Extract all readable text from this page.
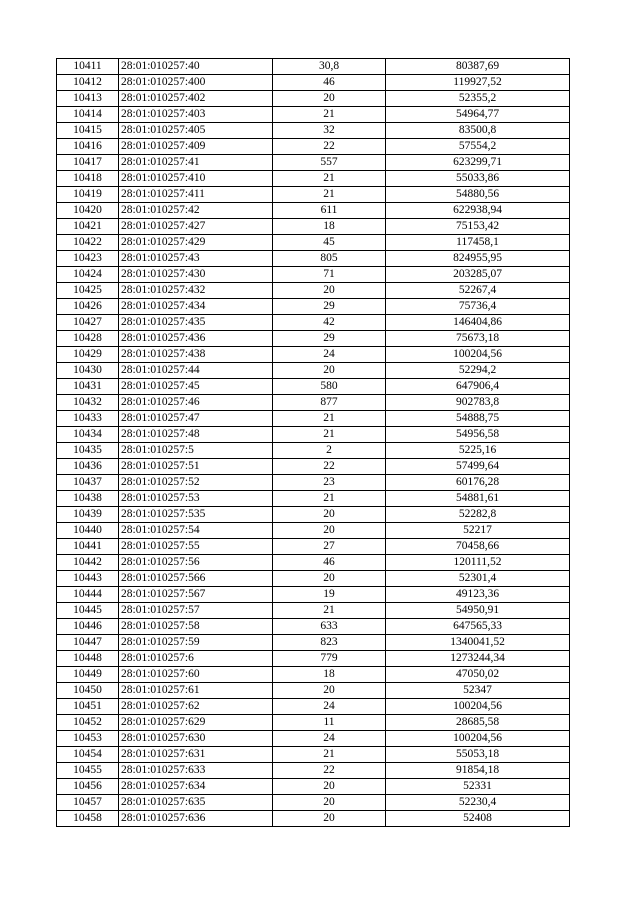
10411	28:01:010257:40	30,8	80387,69
10412	28:01:010257:400	46	119927,52
10413	28:01:010257:402	20	52355,2
10414	28:01:010257:403	21	54964,77
10415	28:01:010257:405	32	83500,8
10416	28:01:010257:409	22	57554,2
10417	28:01:010257:41	557	623299,71
10418	28:01:010257:410	21	55033,86
10419	28:01:010257:411	21	54880,56
10420	28:01:010257:42	611	622938,94
10421	28:01:010257:427	18	75153,42
10422	28:01:010257:429	45	117458,1
10423	28:01:010257:43	805	824955,95
10424	28:01:010257:430	71	203285,07
10425	28:01:010257:432	20	52267,4
10426	28:01:010257:434	29	75736,4
10427	28:01:010257:435	42	146404,86
10428	28:01:010257:436	29	75673,18
10429	28:01:010257:438	24	100204,56
10430	28:01:010257:44	20	52294,2
10431	28:01:010257:45	580	647906,4
10432	28:01:010257:46	877	902783,8
10433	28:01:010257:47	21	54888,75
10434	28:01:010257:48	21	54956,58
10435	28:01:010257:5	2	5225,16
10436	28:01:010257:51	22	57499,64
10437	28:01:010257:52	23	60176,28
10438	28:01:010257:53	21	54881,61
10439	28:01:010257:535	20	52282,8
10440	28:01:010257:54	20	52217
10441	28:01:010257:55	27	70458,66
10442	28:01:010257:56	46	120111,52
10443	28:01:010257:566	20	52301,4
10444	28:01:010257:567	19	49123,36
10445	28:01:010257:57	21	54950,91
10446	28:01:010257:58	633	647565,33
10447	28:01:010257:59	823	1340041,52
10448	28:01:010257:6	779	1273244,34
10449	28:01:010257:60	18	47050,02
10450	28:01:010257:61	20	52347
10451	28:01:010257:62	24	100204,56
10452	28:01:010257:629	11	28685,58
10453	28:01:010257:630	24	100204,56
10454	28:01:010257:631	21	55053,18
10455	28:01:010257:633	22	91854,18
10456	28:01:010257:634	20	52331
10457	28:01:010257:635	20	52230,4
10458	28:01:010257:636	20	52408
